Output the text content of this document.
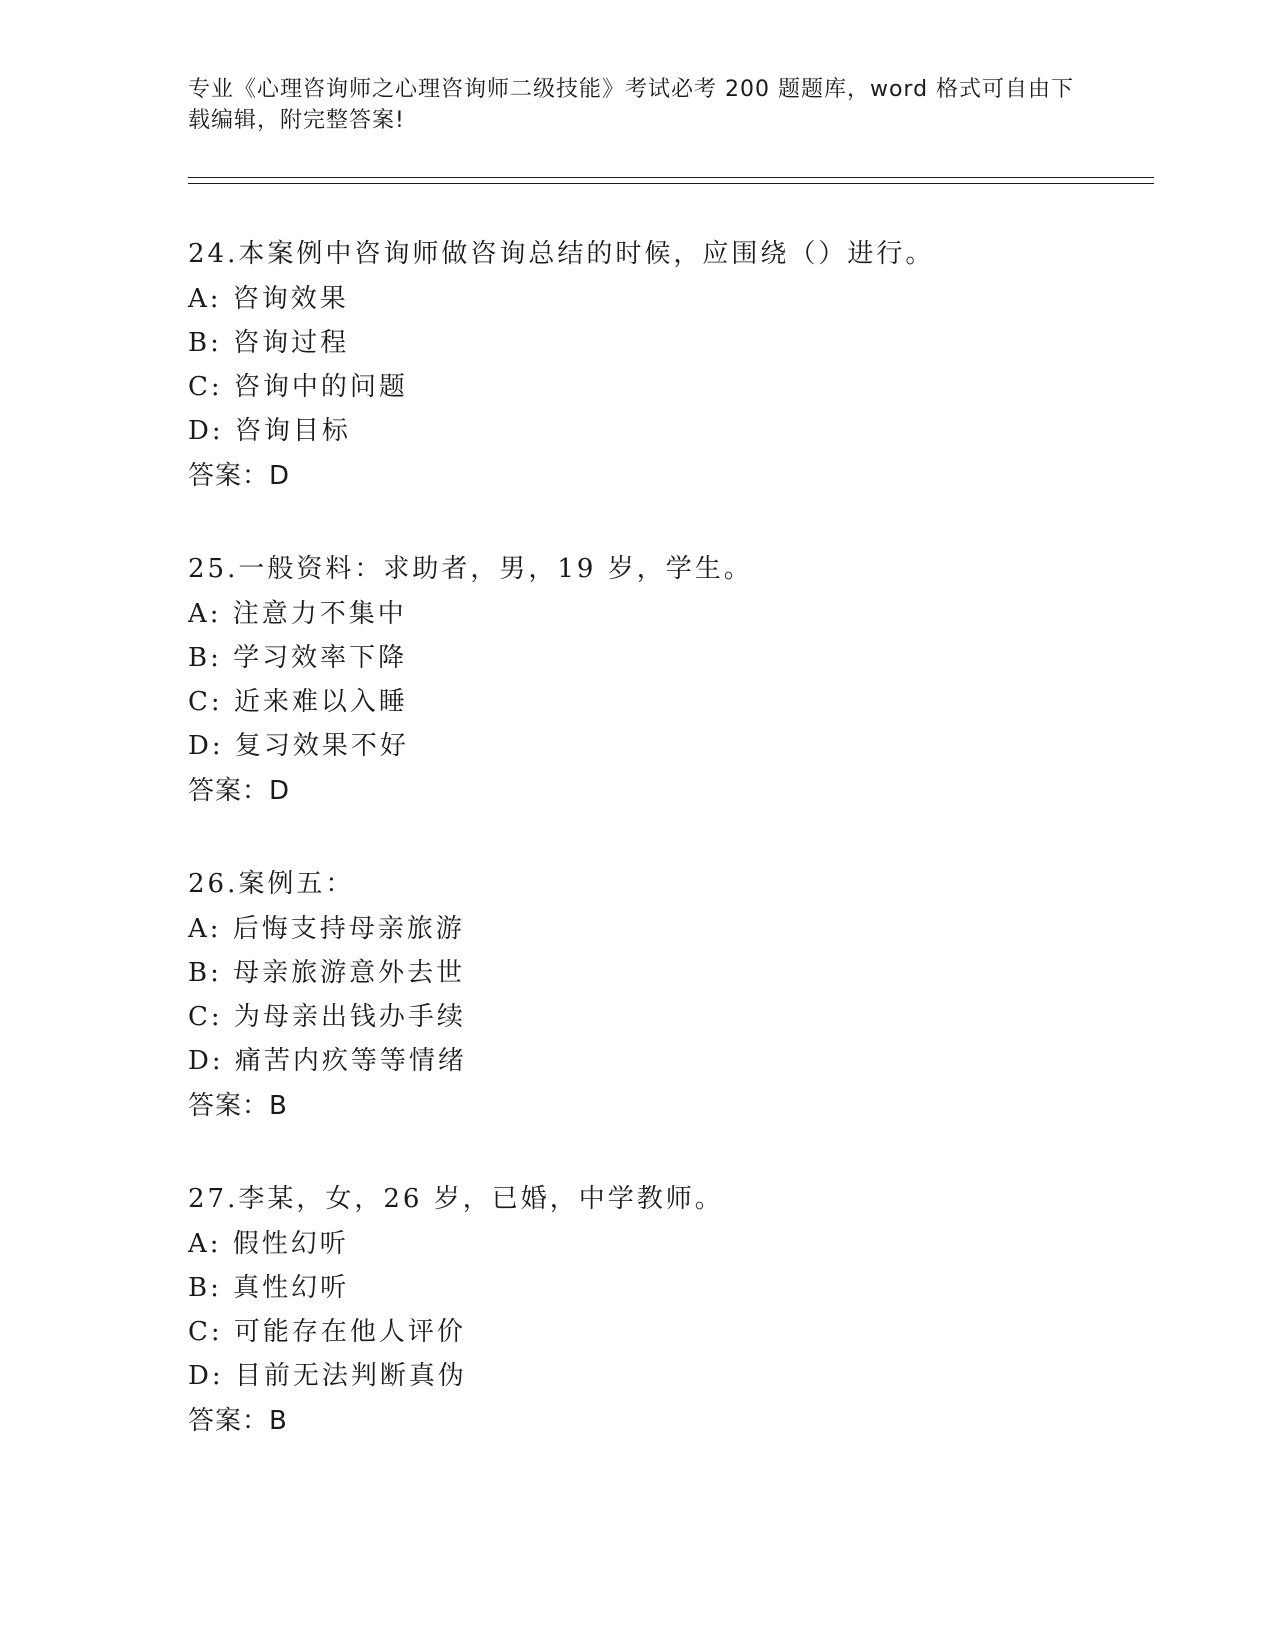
专业《心理咨询师之心理咨询师二级技能》考试必考 200 题题库，word 格式可自由下载编辑，附完整答案!
24.本案例中咨询师做咨询总结的时候，应围绕（）进行。
A: 咨询效果
B: 咨询过程
C: 咨询中的问题
D: 咨询目标
答案：D
25.一般资料：求助者，男，19 岁，学生。
A: 注意力不集中
B: 学习效率下降
C: 近来难以入睡
D: 复习效果不好
答案：D
26.案例五：
A: 后悔支持母亲旅游
B: 母亲旅游意外去世
C: 为母亲出钱办手续
D: 痛苦内疚等等情绪
答案：B
27.李某，女，26 岁，已婚，中学教师。
A: 假性幻听
B: 真性幻听
C: 可能存在他人评价
D: 目前无法判断真伪
答案：B
